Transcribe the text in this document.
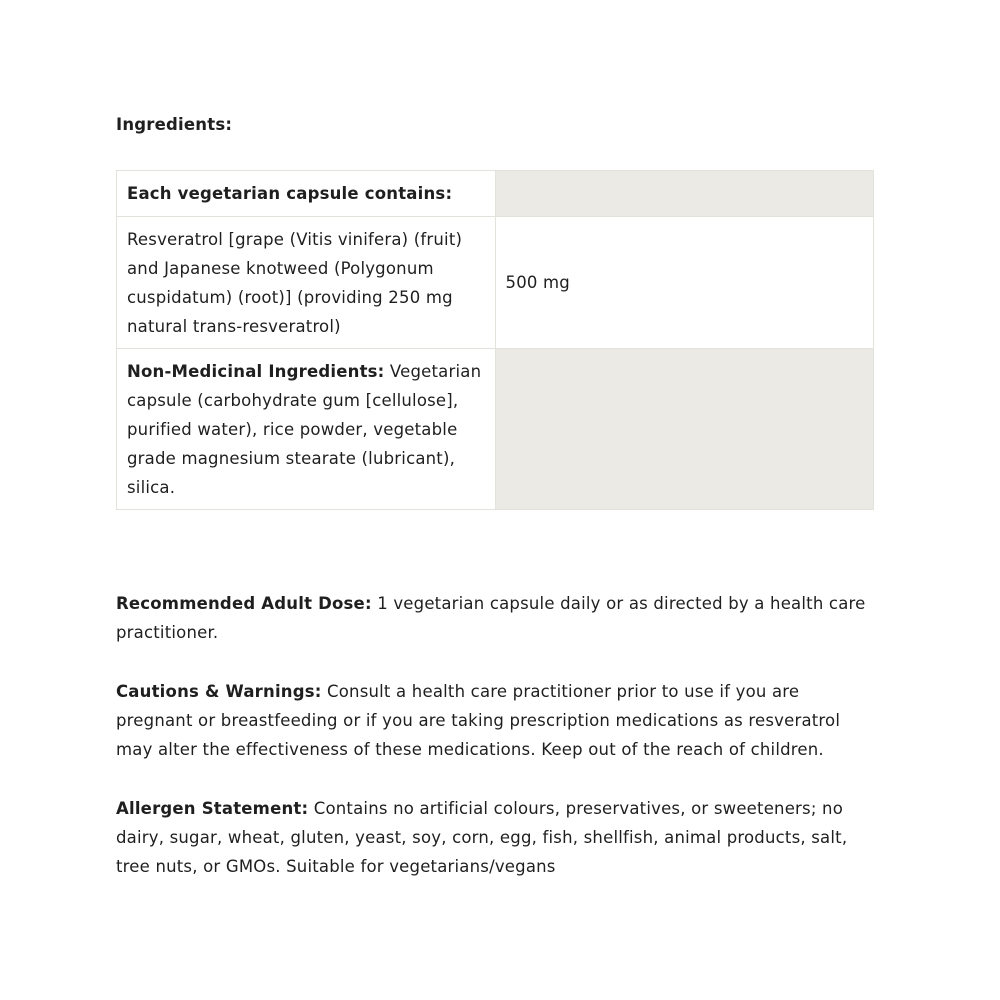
Ingredients:
Each vegetarian capsule contains:	
Resveratrol [grape (Vitis vinifera) (fruit) and Japanese knotweed (Polygonum cuspidatum) (root)] (providing 250 mg natural trans-resveratrol)	500 mg
Non-Medicinal Ingredients: Vegetarian capsule (carbohydrate gum [cellulose], purified water), rice powder, vegetable grade magnesium stearate (lubricant), silica.	

Recommended Adult Dose: 1 vegetarian capsule daily or as directed by a health care practitioner.

Cautions & Warnings: Consult a health care practitioner prior to use if you are pregnant or breastfeeding or if you are taking prescription medications as resveratrol may alter the effectiveness of these medications. Keep out of the reach of children.

Allergen Statement: Contains no artificial colours, preservatives, or sweeteners; no dairy, sugar, wheat, gluten, yeast, soy, corn, egg, fish, shellfish, animal products, salt, tree nuts, or GMOs. Suitable for vegetarians/vegans
